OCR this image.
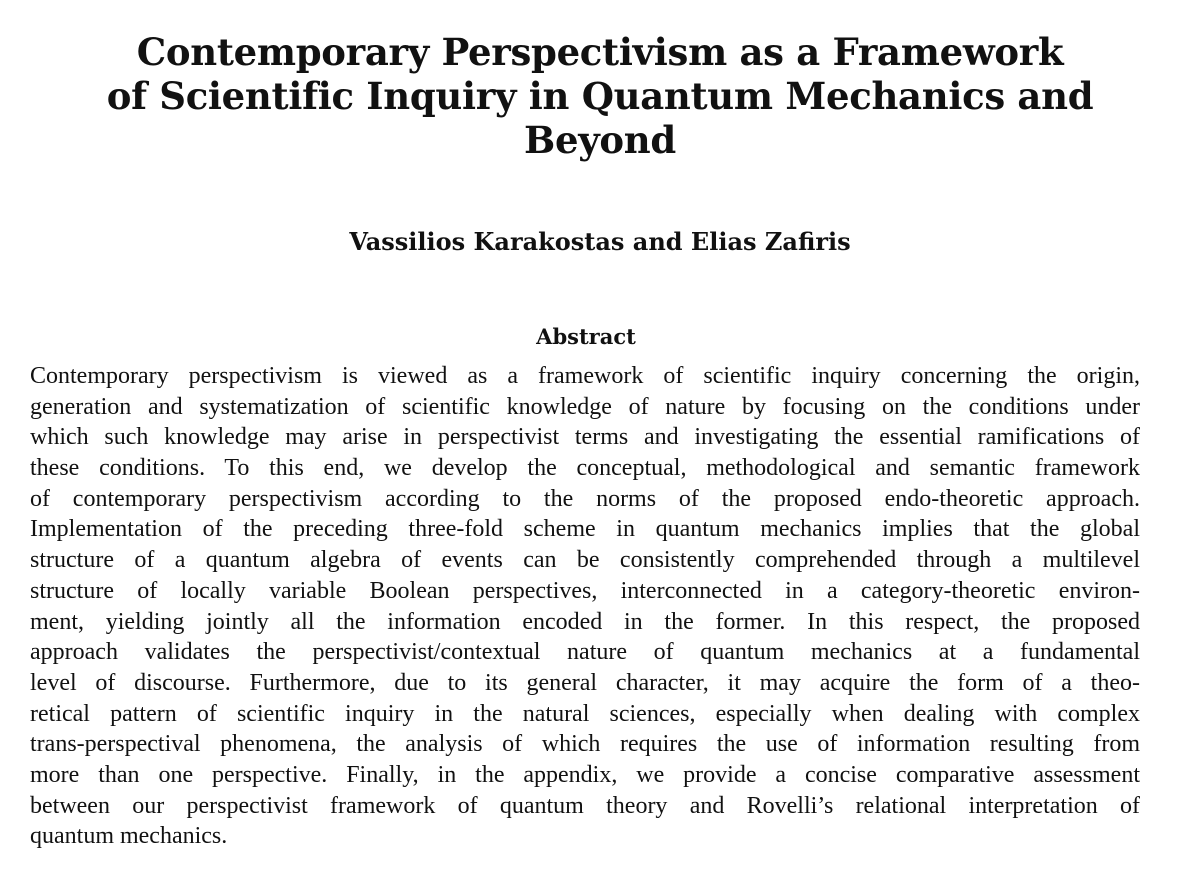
Contemporary Perspectivism as a Framework
of Scientific Inquiry in Quantum Mechanics and
Beyond
Vassilios Karakostas and Elias Zafiris
Abstract
Contemporary perspectivism is viewed as a framework of scientific inquiry concerning the origin,
generation and systematization of scientific knowledge of nature by focusing on the conditions under
which such knowledge may arise in perspectivist terms and investigating the essential ramifications of
these conditions. To this end, we develop the conceptual, methodological and semantic framework
of contemporary perspectivism according to the norms of the proposed endo-theoretic approach.
Implementation of the preceding three-fold scheme in quantum mechanics implies that the global
structure of a quantum algebra of events can be consistently comprehended through a multilevel
structure of locally variable Boolean perspectives, interconnected in a category-theoretic environ-
ment, yielding jointly all the information encoded in the former. In this respect, the proposed
approach validates the perspectivist/contextual nature of quantum mechanics at a fundamental
level of discourse. Furthermore, due to its general character, it may acquire the form of a theo-
retical pattern of scientific inquiry in the natural sciences, especially when dealing with complex
trans-perspectival phenomena, the analysis of which requires the use of information resulting from
more than one perspective. Finally, in the appendix, we provide a concise comparative assessment
between our perspectivist framework of quantum theory and Rovelli’s relational interpretation of
quantum mechanics.
